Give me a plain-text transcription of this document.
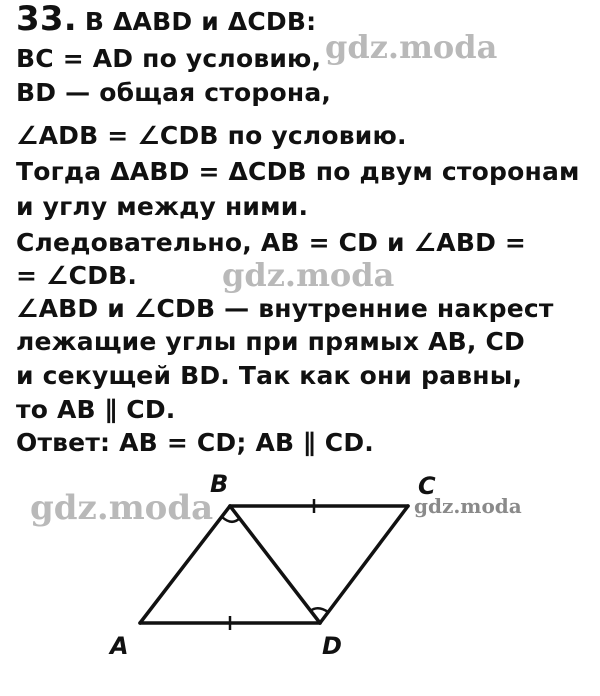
33. В ΔABD и ΔCDB:
BC = AD по условию,
BD — общая сторона,
∠ADB = ∠CDB по условию.
Тогда ΔABD = ΔCDB по двум сторонам
и углу между ними.
Следовательно, AB = CD и ∠ABD =
= ∠CDB.
∠ABD и ∠CDB — внутренние накрест
лежащие углы при прямых AB, CD
и секущей BD. Так как они равны,
то AB ∥ CD.
Ответ: AB = CD; AB ∥ CD.
gdz.moda
gdz.moda
gdz.moda	gdz.moda
B	C
A	D
